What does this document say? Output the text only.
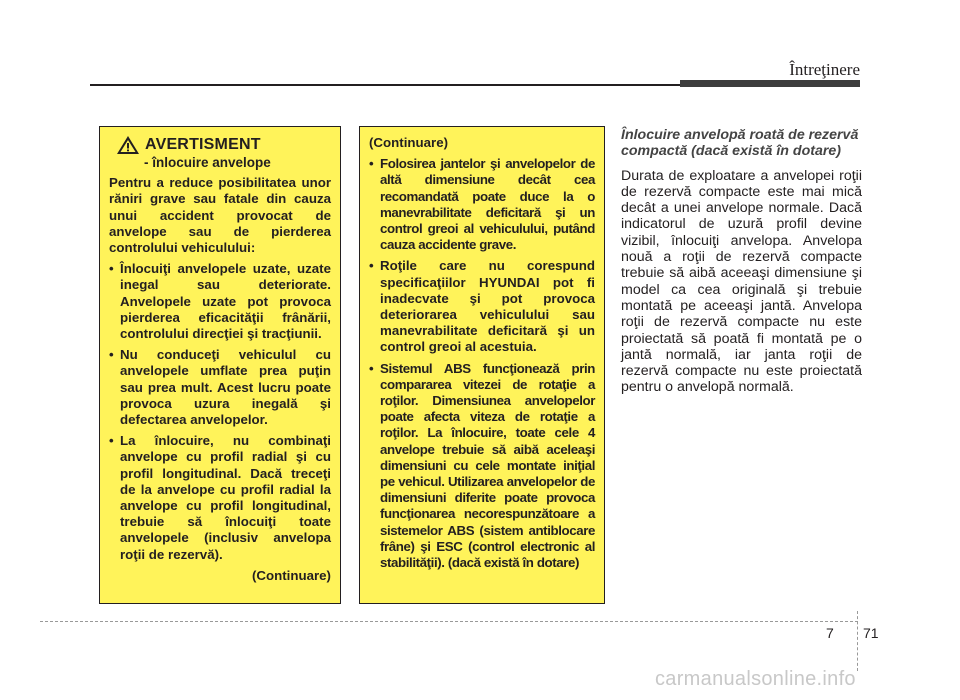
Întreţinere
AVERTISMENT
- înlocuire anvelope

Pentru a reduce posibilitatea unor răniri grave sau fatale din cauza unui accident provocat de anvelope sau de pierderea controlului vehiculului:

• Înlocuiţi anvelopele uzate, uzate inegal sau deteriorate. Anvelopele uzate pot provoca pierderea eficacităţii frânării, controlului direcţiei şi tracţiunii.
• Nu conduceţi vehiculul cu anvelopele umflate prea puţin sau prea mult. Acest lucru poate provoca uzura inegală şi defectarea anvelopelor.
• La înlocuire, nu combinaţi anvelope cu profil radial şi cu profil longitudinal. Dacă treceţi de la anvelope cu profil radial la anvelope cu profil longitudinal, trebuie să înlocuiţi toate anvelopele (inclusiv anvelopa roţii de rezervă).
(Continuare)
(Continuare)
• Folosirea jantelor şi anvelopelor de altă dimensiune decât cea recomandată poate duce la o manevrabilitate deficitară şi un control greoi al vehiculului, putând cauza accidente grave.
• Roţile care nu corespund specificaţiilor HYUNDAI pot fi inadecvate şi pot provoca deteriorarea vehiculului sau manevrabilitate deficitară şi un control greoi al acestuia.
• Sistemul ABS funcţionează prin compararea vitezei de rotaţie a roţilor. Dimensiunea anvelopelor poate afecta viteza de rotaţie a roţilor. La înlocuire, toate cele 4 anvelope trebuie să aibă aceleaşi dimensiuni cu cele montate iniţial pe vehicul. Utilizarea anvelopelor de dimensiuni diferite poate provoca funcţionarea necorespunzătoare a sistemelor ABS (sistem antiblocare frâne) şi ESC (control electronic al stabilităţii). (dacă există în dotare)
Înlocuire anvelopă roată de rezervă compactă (dacă există în dotare)
Durata de exploatare a anvelopei roţii de rezervă compacte este mai mică decât a unei anvelope normale. Dacă indicatorul de uzură profil devine vizibil, înlocuiţi anvelopa. Anvelopa nouă a roţii de rezervă compacte trebuie să aibă aceeaşi dimensiune şi model ca cea originală şi trebuie montată pe aceeaşi jantă. Anvelopa roţii de rezervă compacte nu este proiectată să poată fi montată pe o jantă normală, iar janta roţii de rezervă compacte nu este proiectată pentru o anvelopă normală.
7 71
carmanualsonline.info
